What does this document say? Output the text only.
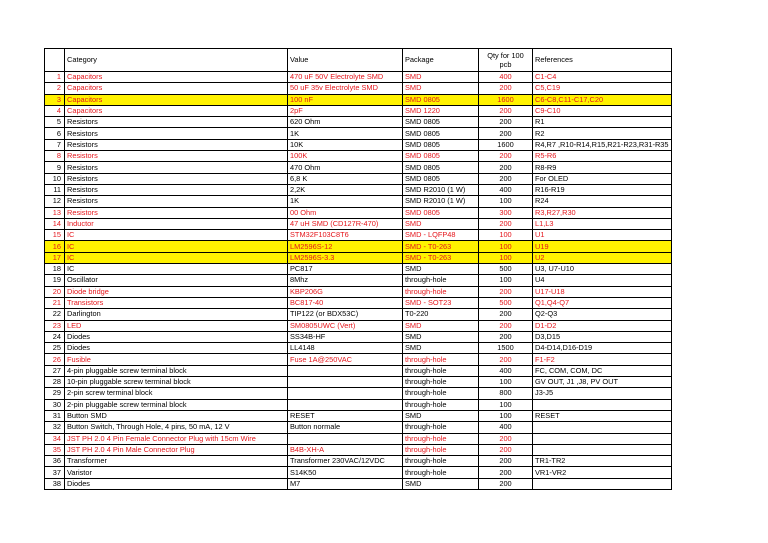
	Category	Value	Package	Qty for 100 pcb	References
1	Capacitors	470 uF 50V Electrolyte SMD	SMD	400	C1-C4
2	Capacitors	50 uF 35v Electrolyte SMD	SMD	200	C5,C19
3	Capacitors	100 nF	SMD 0805	1600	C6-C8,C11-C17,C20
4	Capacitors	2pF	SMD 1220	200	C9-C10
5	Resistors	620 Ohm	SMD 0805	200	R1
6	Resistors	1K	SMD 0805	200	R2
7	Resistors	10K	SMD 0805	1600	R4,R7 ,R10-R14,R15,R21-R23,R31-R35
8	Resistors	100K	SMD 0805	200	R5-R6
9	Resistors	470 Ohm	SMD 0805	200	R8-R9
10	Resistors	6,8 K	SMD 0805	200	For OLED
11	Resistors	2,2K	SMD R2010 (1 W)	400	R16-R19
12	Resistors	1K	SMD R2010 (1 W)	100	R24
13	Resistors	00 Ohm	SMD 0805	300	R3,R27,R30
14	Inductor	47 uH SMD (CD127R-470)	SMD	200	L1,L3
15	IC	STM32F103C8T6	SMD - LQFP48	100	U1
16	IC	LM2596S-12	SMD - T0-263	100	U19
17	IC	LM2596S-3.3	SMD - T0-263	100	U2
18	IC	PC817	SMD	500	U3, U7-U10
19	Oscillator	8Mhz	through-hole	100	U4
20	Diode bridge	KBP206G	through-hole	200	U17-U18
21	Transistors	BC817-40	SMD - SOT23	500	Q1,Q4-Q7
22	Darlington	TIP122 (or BDX53C)	T0-220	200	Q2-Q3
23	LED	SM0805UWC (Vert)	SMD	200	D1-D2
24	Diodes	SS34B-HF	SMD	200	D3,D15
25	Diodes	LL4148	SMD	1500	D4-D14,D16-D19
26	Fusible	Fuse 1A@250VAC	through-hole	200	F1-F2
27	4-pin pluggable screw terminal block		through-hole	400	FC, COM, COM, DC
28	10-pin pluggable screw terminal block		through-hole	100	GV OUT, J1 ,J8, PV OUT
29	2-pin screw terminal block		through-hole	800	J3-J5
30	2-pin pluggable screw terminal block		through-hole	100	
31	Button SMD	RESET	SMD	100	RESET
32	Button Switch, Through Hole, 4 pins, 50 mA, 12 V	Button normale	through-hole	400	
34	JST PH 2.0 4 Pin Female Connector Plug with 15cm Wire		through-hole	200	
35	JST PH 2.0 4 Pin Male Connector Plug	B4B-XH-A	through-hole	200	
36	Transformer	Transformer 230VAC/12VDC	through-hole	200	TR1-TR2
37	Varistor	S14K50	through-hole	200	VR1-VR2
38	Diodes	M7	SMD	200	
